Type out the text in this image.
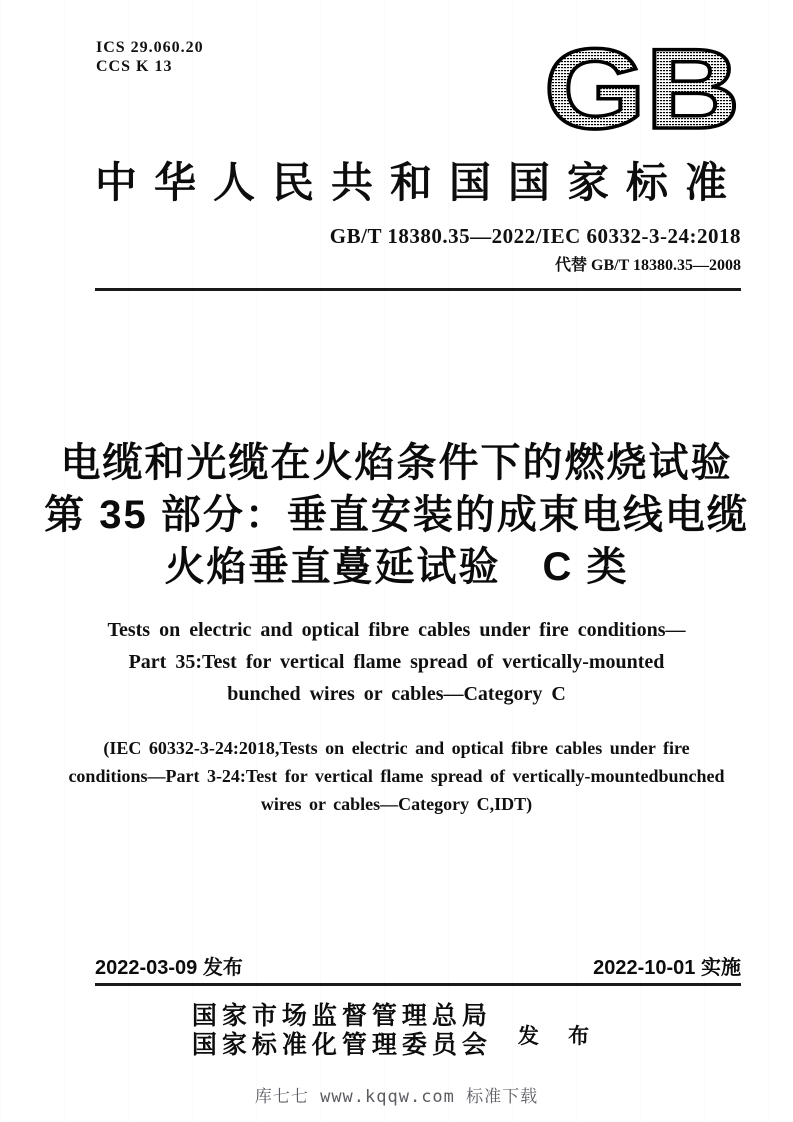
ICS 29.060.20
CCS K 13	GB
中华人民共和国国家标准
GB/T 18380.35—2022/IEC 60332-3-24:2018
代替 GB/T 18380.35—2008
电缆和光缆在火焰条件下的燃烧试验
第 35 部分：垂直安装的成束电线电缆
火焰垂直蔓延试验　C 类
Tests on electric and optical fibre cables under fire conditions—
Part 35:Test for vertical flame spread of vertically-mounted
bunched wires or cables—Category C
(IEC 60332-3-24:2018,Tests on electric and optical fibre cables under fire
conditions—Part 3-24:Test for vertical flame spread of vertically-mountedbunched
wires or cables—Category C,IDT)
2022-03-09 发布	2022-10-01 实施
国家市场监督管理总局
国家标准化管理委员会 发 布
库七七 www.kqqw.com 标准下载
